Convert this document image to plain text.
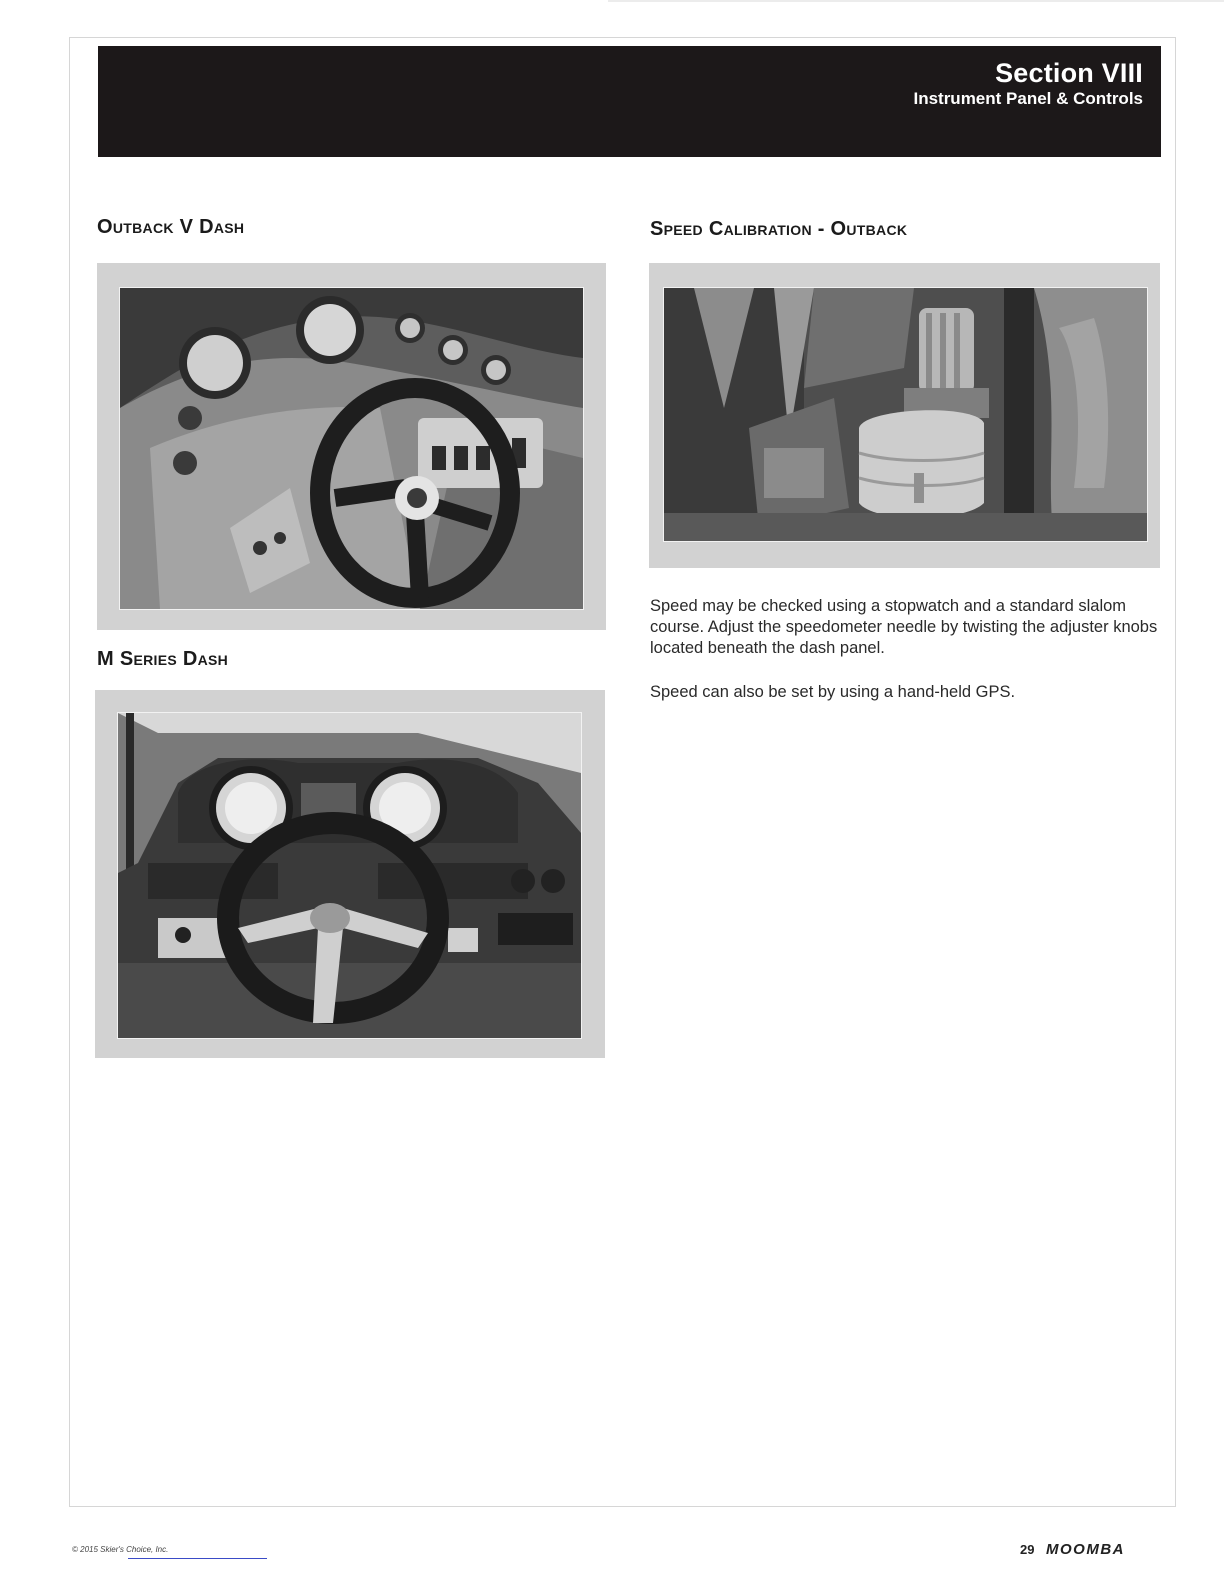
Section VIII

Instrument Panel & Controls

Outback V Dash
M Series Dash
Speed Calibration - Outback

Speed may be checked using a stopwatch and a standard slalom course. Adjust the speedometer needle by twisting the adjuster knobs located beneath the dash panel.

Speed can also be set by using a hand-held GPS.

© 2015 Skier's Choice, Inc.	29 MOOMBA
